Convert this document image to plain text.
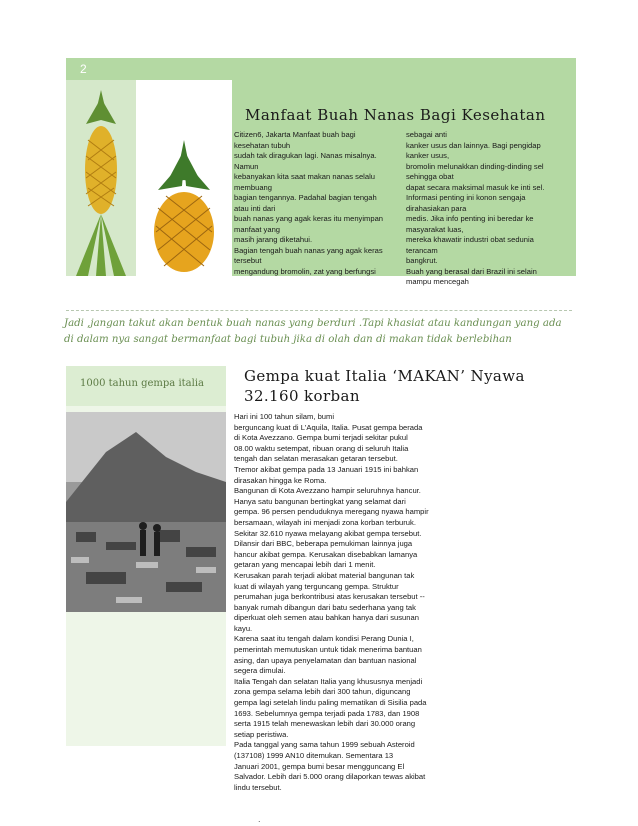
2
Manfaat Buah Nanas Bagi Kesehatan
Citizen6, Jakarta Manfaat buah bagi
kesehatan tubuh
sudah tak diragukan lagi. Nanas misalnya.
Namun
kebanyakan kita saat makan nanas selalu
membuang
bagian tengannya. Padahal bagian tengah
atau inti dari
buah nanas yang agak keras itu menyimpan
manfaat yang
masih jarang diketahui.
Bagian tengah buah nanas yang agak keras
tersebut
mengandung bromolin, zat yang berfungsi
sebagai anti
kanker usus dan lainnya. Bagi pengidap
kanker usus,
bromolin melunakkan dinding-dinding sel
sehingga obat
dapat secara maksimal masuk ke inti sel.
Informasi penting ini konon sengaja
dirahasiakan para
medis. Jika info penting ini beredar ke
masyarakat luas,
mereka khawatir industri obat sedunia
terancam
bangkrut.
Buah yang berasal dari Brazil ini selain
mampu mencegah

Jadi ,jangan takut akan bentuk buah nanas yang berduri .Tapi khasiat atau kandungan yang ada di dalam nya sangat bermanfaat bagi tubuh jika di olah dan di makan tidak berlebihan

1000 tahun gempa italia	Gempa kuat Italia ‘MAKAN’ Nyawa 32.160 korban
Hari ini 100 tahun silam, bumi
berguncang kuat di L'Aquila, Italia. Pusat gempa berada
di Kota Avezzano. Gempa bumi terjadi sekitar pukul
08.00 waktu setempat, ribuan orang di seluruh Italia
tengah dan selatan merasakan getaran tersebut.
Tremor akibat gempa pada 13 Januari 1915 ini bahkan
dirasakan hingga ke Roma.
Bangunan di Kota Avezzano hampir seluruhnya hancur.
Hanya satu bangunan bertingkat yang selamat dari
gempa. 96 persen penduduknya meregang nyawa hampir
bersamaan, wilayah ini menjadi zona korban terburuk.
Sekitar 32.610 nyawa melayang akibat gempa tersebut.
Dilansir dari BBC, beberapa pemukiman lainnya juga
hancur akibat gempa. Kerusakan disebabkan lamanya
getaran yang mencapai lebih dari 1 menit.
Kerusakan parah terjadi akibat material bangunan tak
kuat di wilayah yang terguncang gempa. Struktur
perumahan juga berkontribusi atas kerusakan tersebut --
banyak rumah dibangun dari batu sederhana yang tak
diperkuat oleh semen atau bahkan hanya dari susunan
kayu.
Karena saat itu tengah dalam kondisi Perang Dunia I,
pemerintah memutuskan untuk tidak menerima bantuan
asing, dan upaya penyelamatan dan bantuan nasional
segera dimulai.
Italia Tengah dan selatan Italia yang khususnya menjadi
zona gempa selama lebih dari 300 tahun, diguncang
gempa lagi setelah lindu paling mematikan di Sisilia pada
1693. Sebelumnya gempa terjadi pada 1783, dan 1908
serta 1915 telah menewaskan lebih dari 30.000 orang
setiap peristiwa.
Pada tanggal yang sama tahun 1999 sebuah Asteroid
(137108) 1999 AN10 ditemukan. Sementara 13
Januari 2001, gempa bumi besar mengguncang El
Salvador. Lebih dari 5.000 orang dilaporkan tewas akibat
lindu tersebut.
.
